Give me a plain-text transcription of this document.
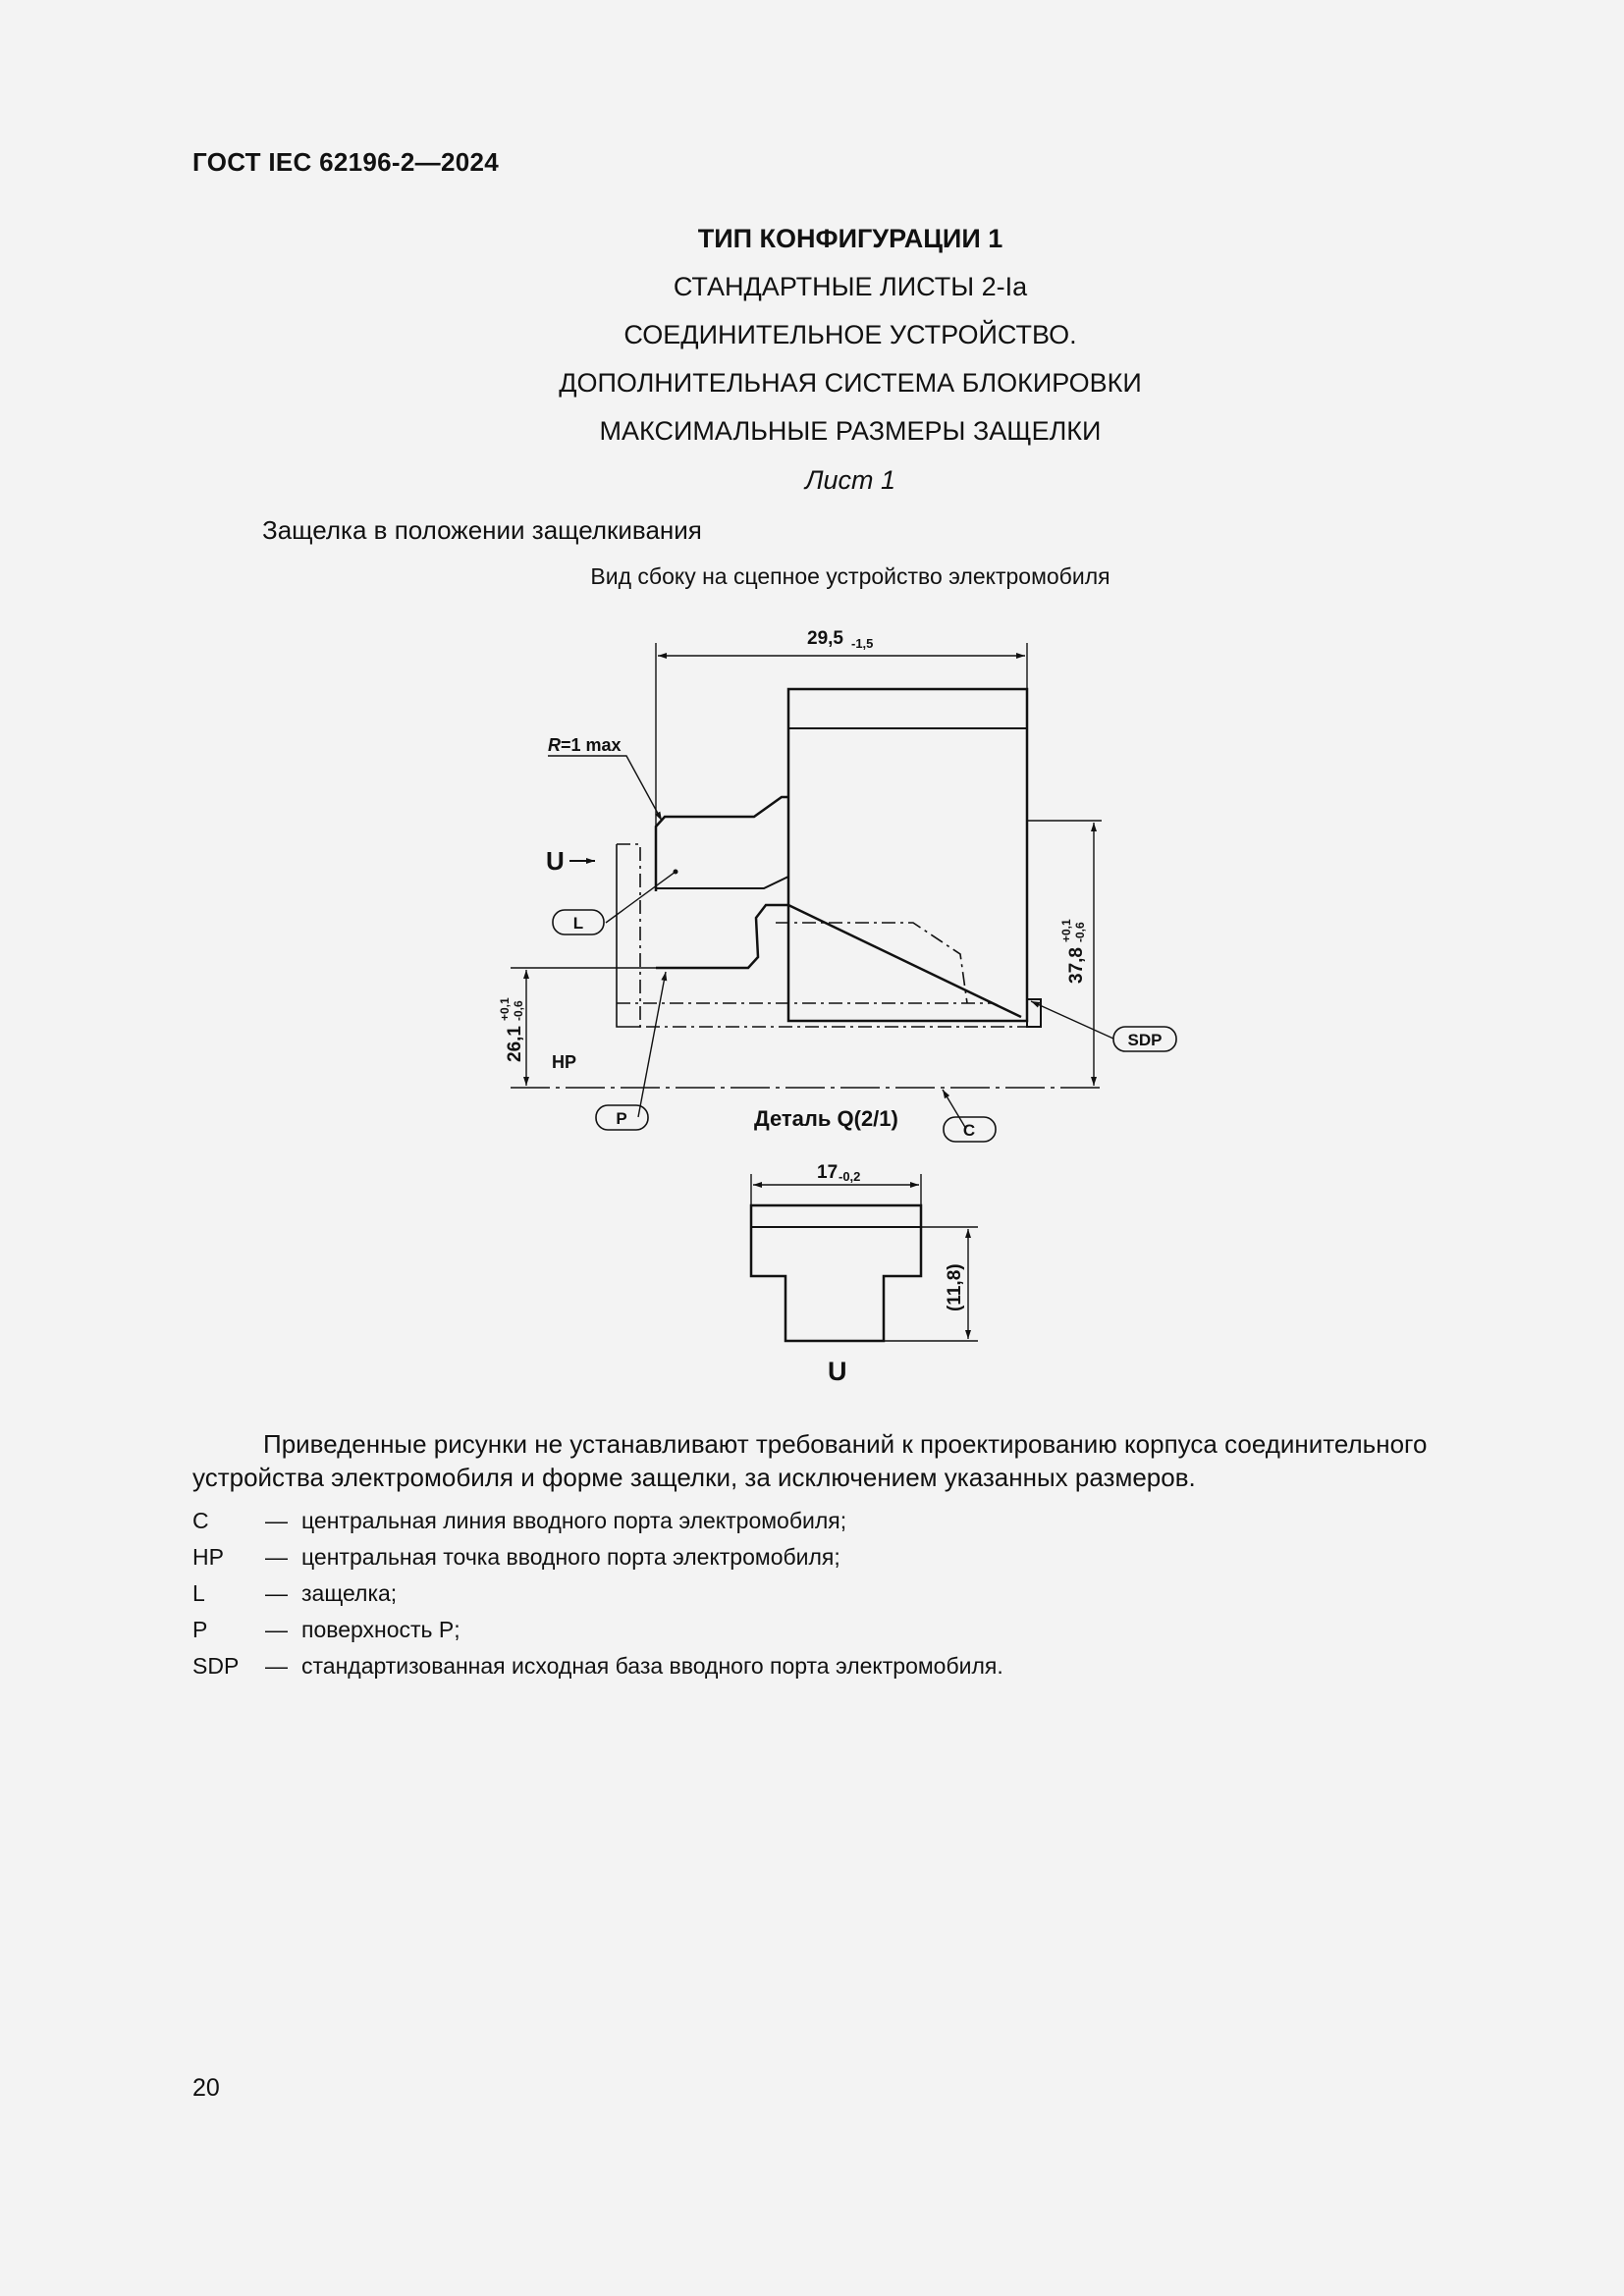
ГОСТ IEC 62196-2—2024
ТИП КОНФИГУРАЦИИ 1
СТАНДАРТНЫЕ ЛИСТЫ 2-Ia
СОЕДИНИТЕЛЬНОЕ УСТРОЙСТВО.
ДОПОЛНИТЕЛЬНАЯ СИСТЕМА БЛОКИРОВКИ
МАКСИМАЛЬНЫЕ РАЗМЕРЫ ЗАЩЕЛКИ
Лист 1
Защелка в положении защелкивания
Вид сбоку на сцепное устройство электромобиля
29,5 -1,5
R=1 max
U
L
P
C
SDP
HP
26,1
+0,1 -0,6
37,8
+0,1 -0,6
Деталь Q(2/1)
17 -0,2
(11,8)
U

Приведенные рисунки не устанавливают требований к проектированию корпуса соединительного устройства электромобиля и форме защелки, за исключением указанных размеров.

C — центральная линия вводного порта электромобиля;
HP — центральная точка вводного порта электромобиля;
L	— защелка;
P	— поверхность P;
SDP — стандартизованная исходная база вводного порта электромобиля.
20
